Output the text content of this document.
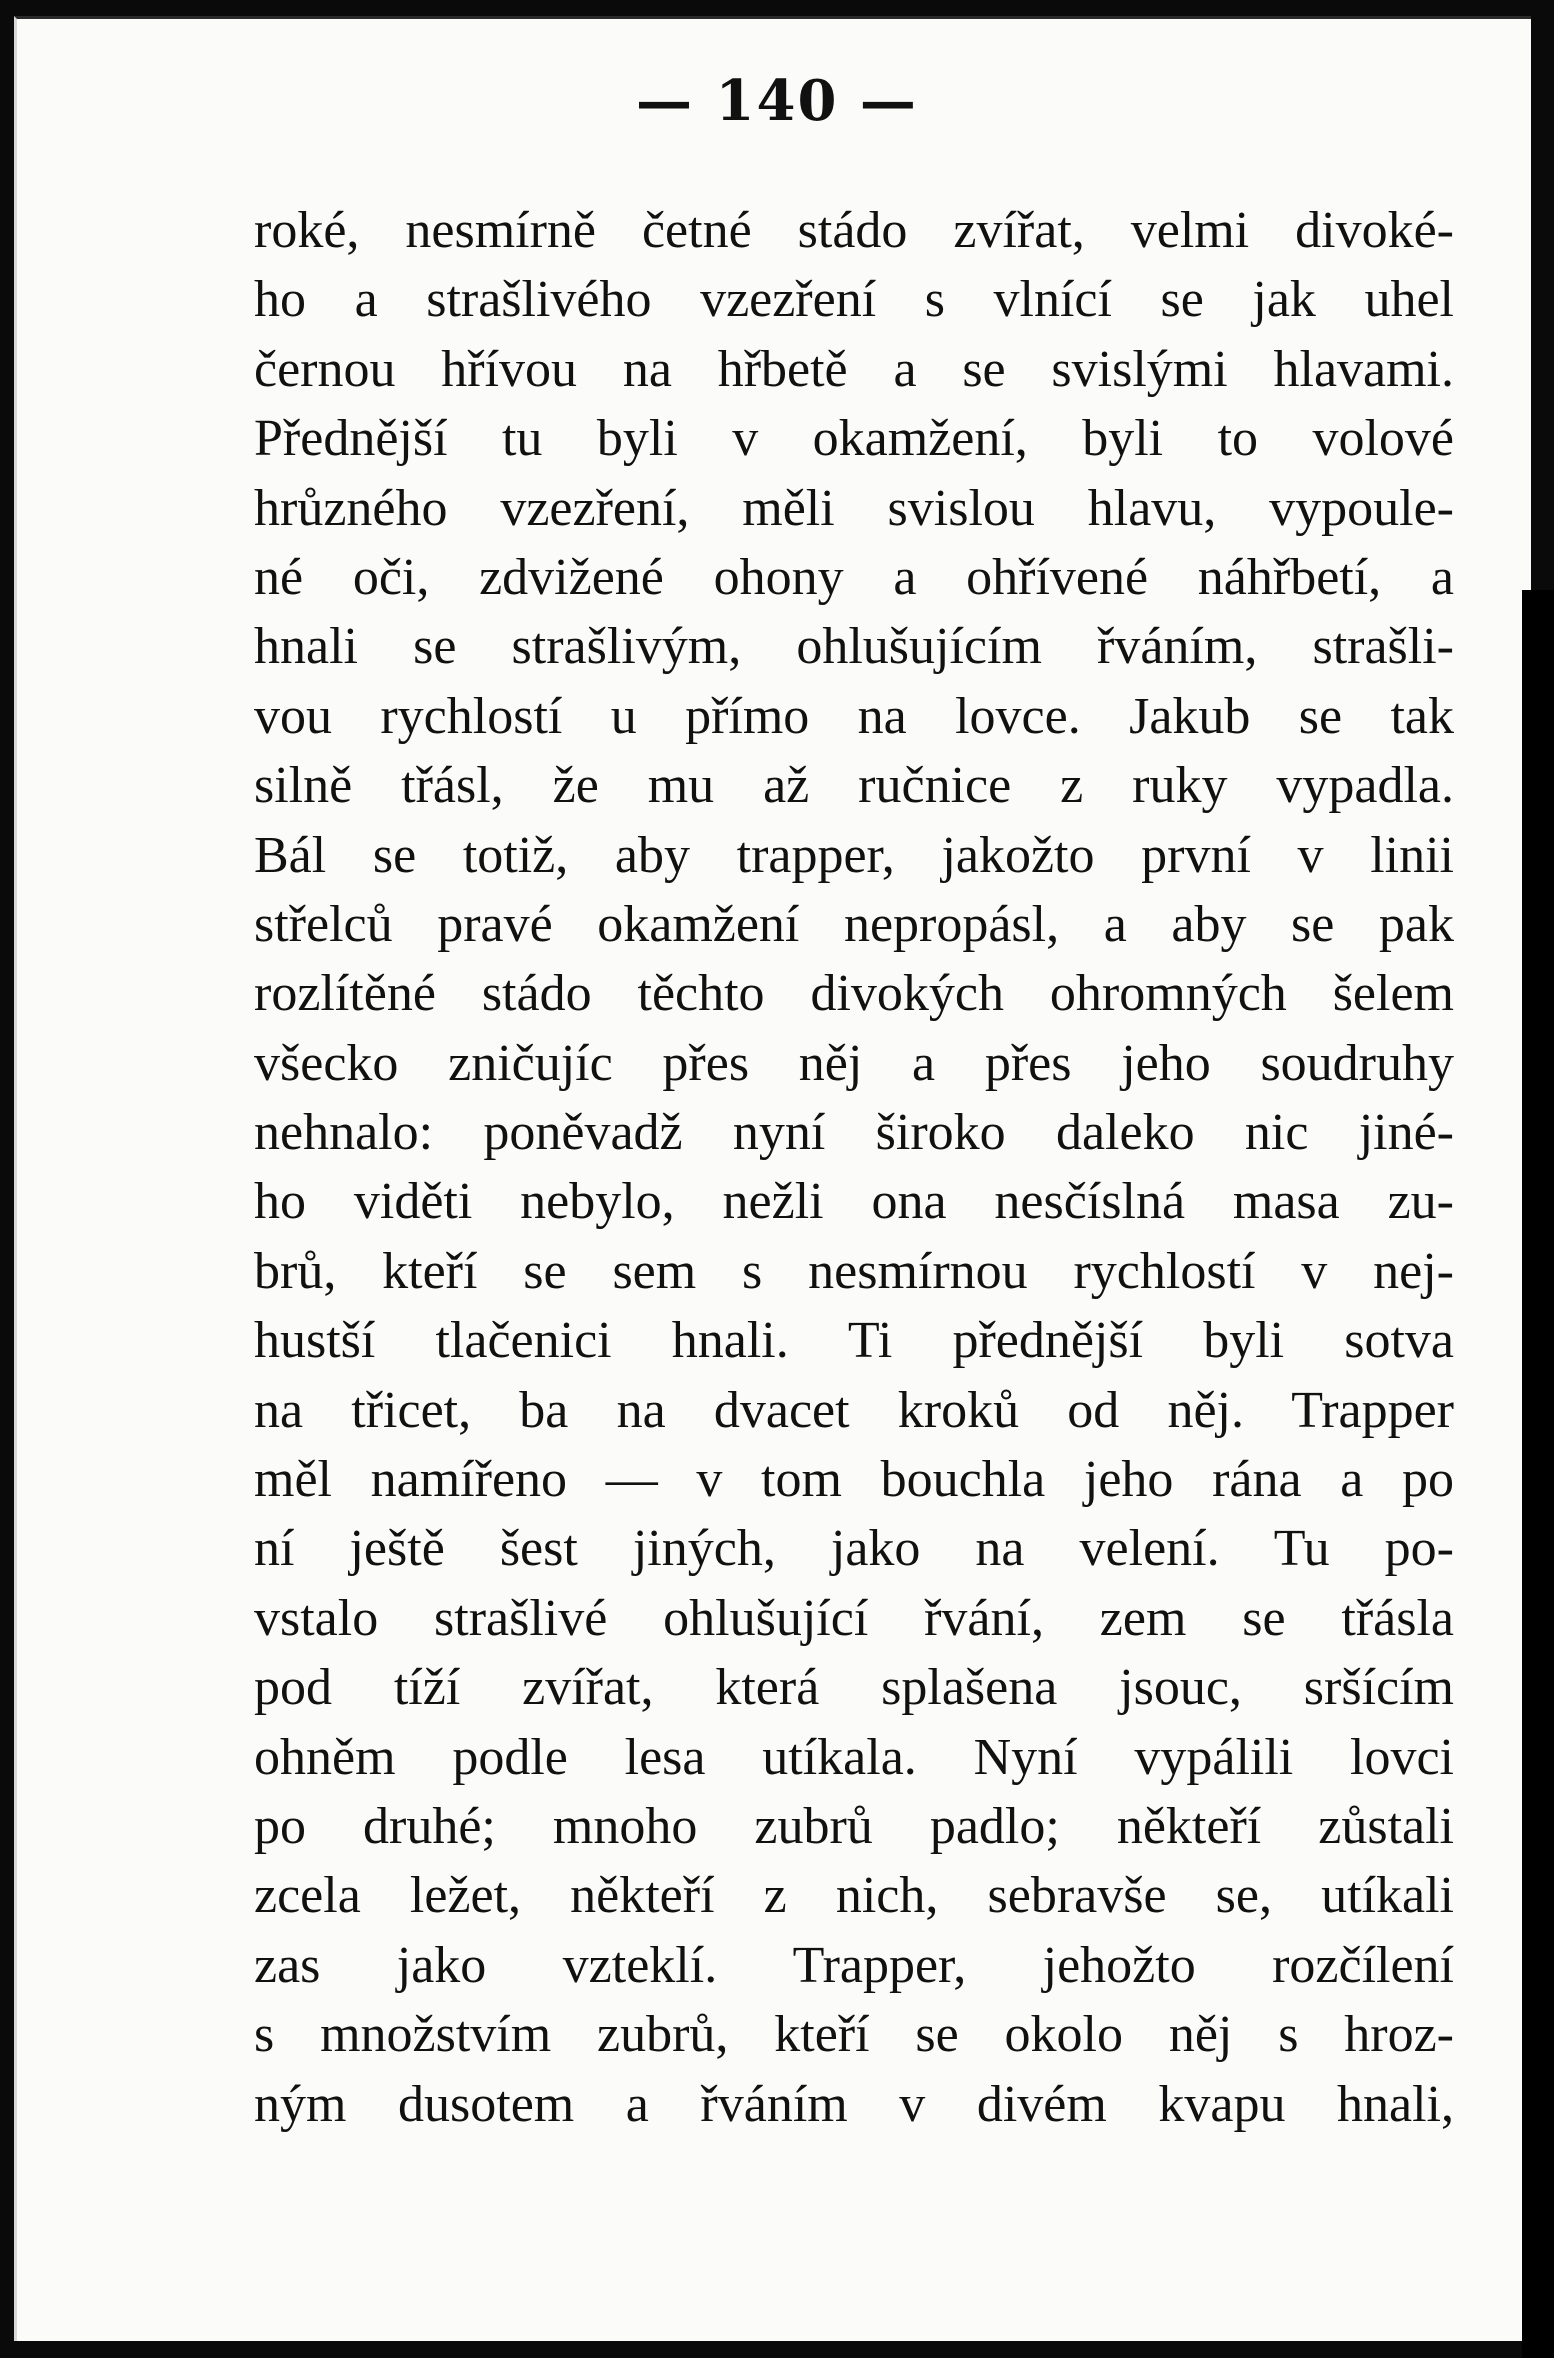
— 140 —
roké, nesmírně četné stádo zvířat, velmi divoké-
ho a strašlivého vzezření s vlnící se jak uhel
černou hřívou na hřbetě a se svislými hlavami.
Přednější tu byli v okamžení, byli to volové
hrůzného vzezření, měli svislou hlavu, vypoule-
né oči, zdvižené ohony a ohřívené náhřbetí, a
hnali se strašlivým, ohlušujícím řváním, strašli-
vou rychlostí u přímo na lovce. Jakub se tak
silně třásl, že mu až ručnice z ruky vypadla.
Bál se totiž, aby trapper, jakožto první v linii
střelců pravé okamžení nepropásl, a aby se pak
rozlítěné stádo těchto divokých ohromných šelem
všecko zničujíc přes něj a přes jeho soudruhy
nehnalo: poněvadž nyní široko daleko nic jiné-
ho viděti nebylo, nežli ona nesčíslná masa zu-
brů, kteří se sem s nesmírnou rychlostí v nej-
hustší tlačenici hnali. Ti přednější byli sotva
na třicet, ba na dvacet kroků od něj. Trapper
měl namířeno — v tom bouchla jeho rána a po
ní ještě šest jiných, jako na velení. Tu po-
vstalo strašlivé ohlušující řvání, zem se třásla
pod tíží zvířat, která splašena jsouc, sršícím
ohněm podle lesa utíkala. Nyní vypálili lovci
po druhé; mnoho zubrů padlo; někteří zůstali
zcela ležet, někteří z nich, sebravše se, utíkali
zas jako vzteklí. Trapper, jehožto rozčílení
s množstvím zubrů, kteří se okolo něj s hroz-
ným dusotem a řváním v divém kvapu hnali,
